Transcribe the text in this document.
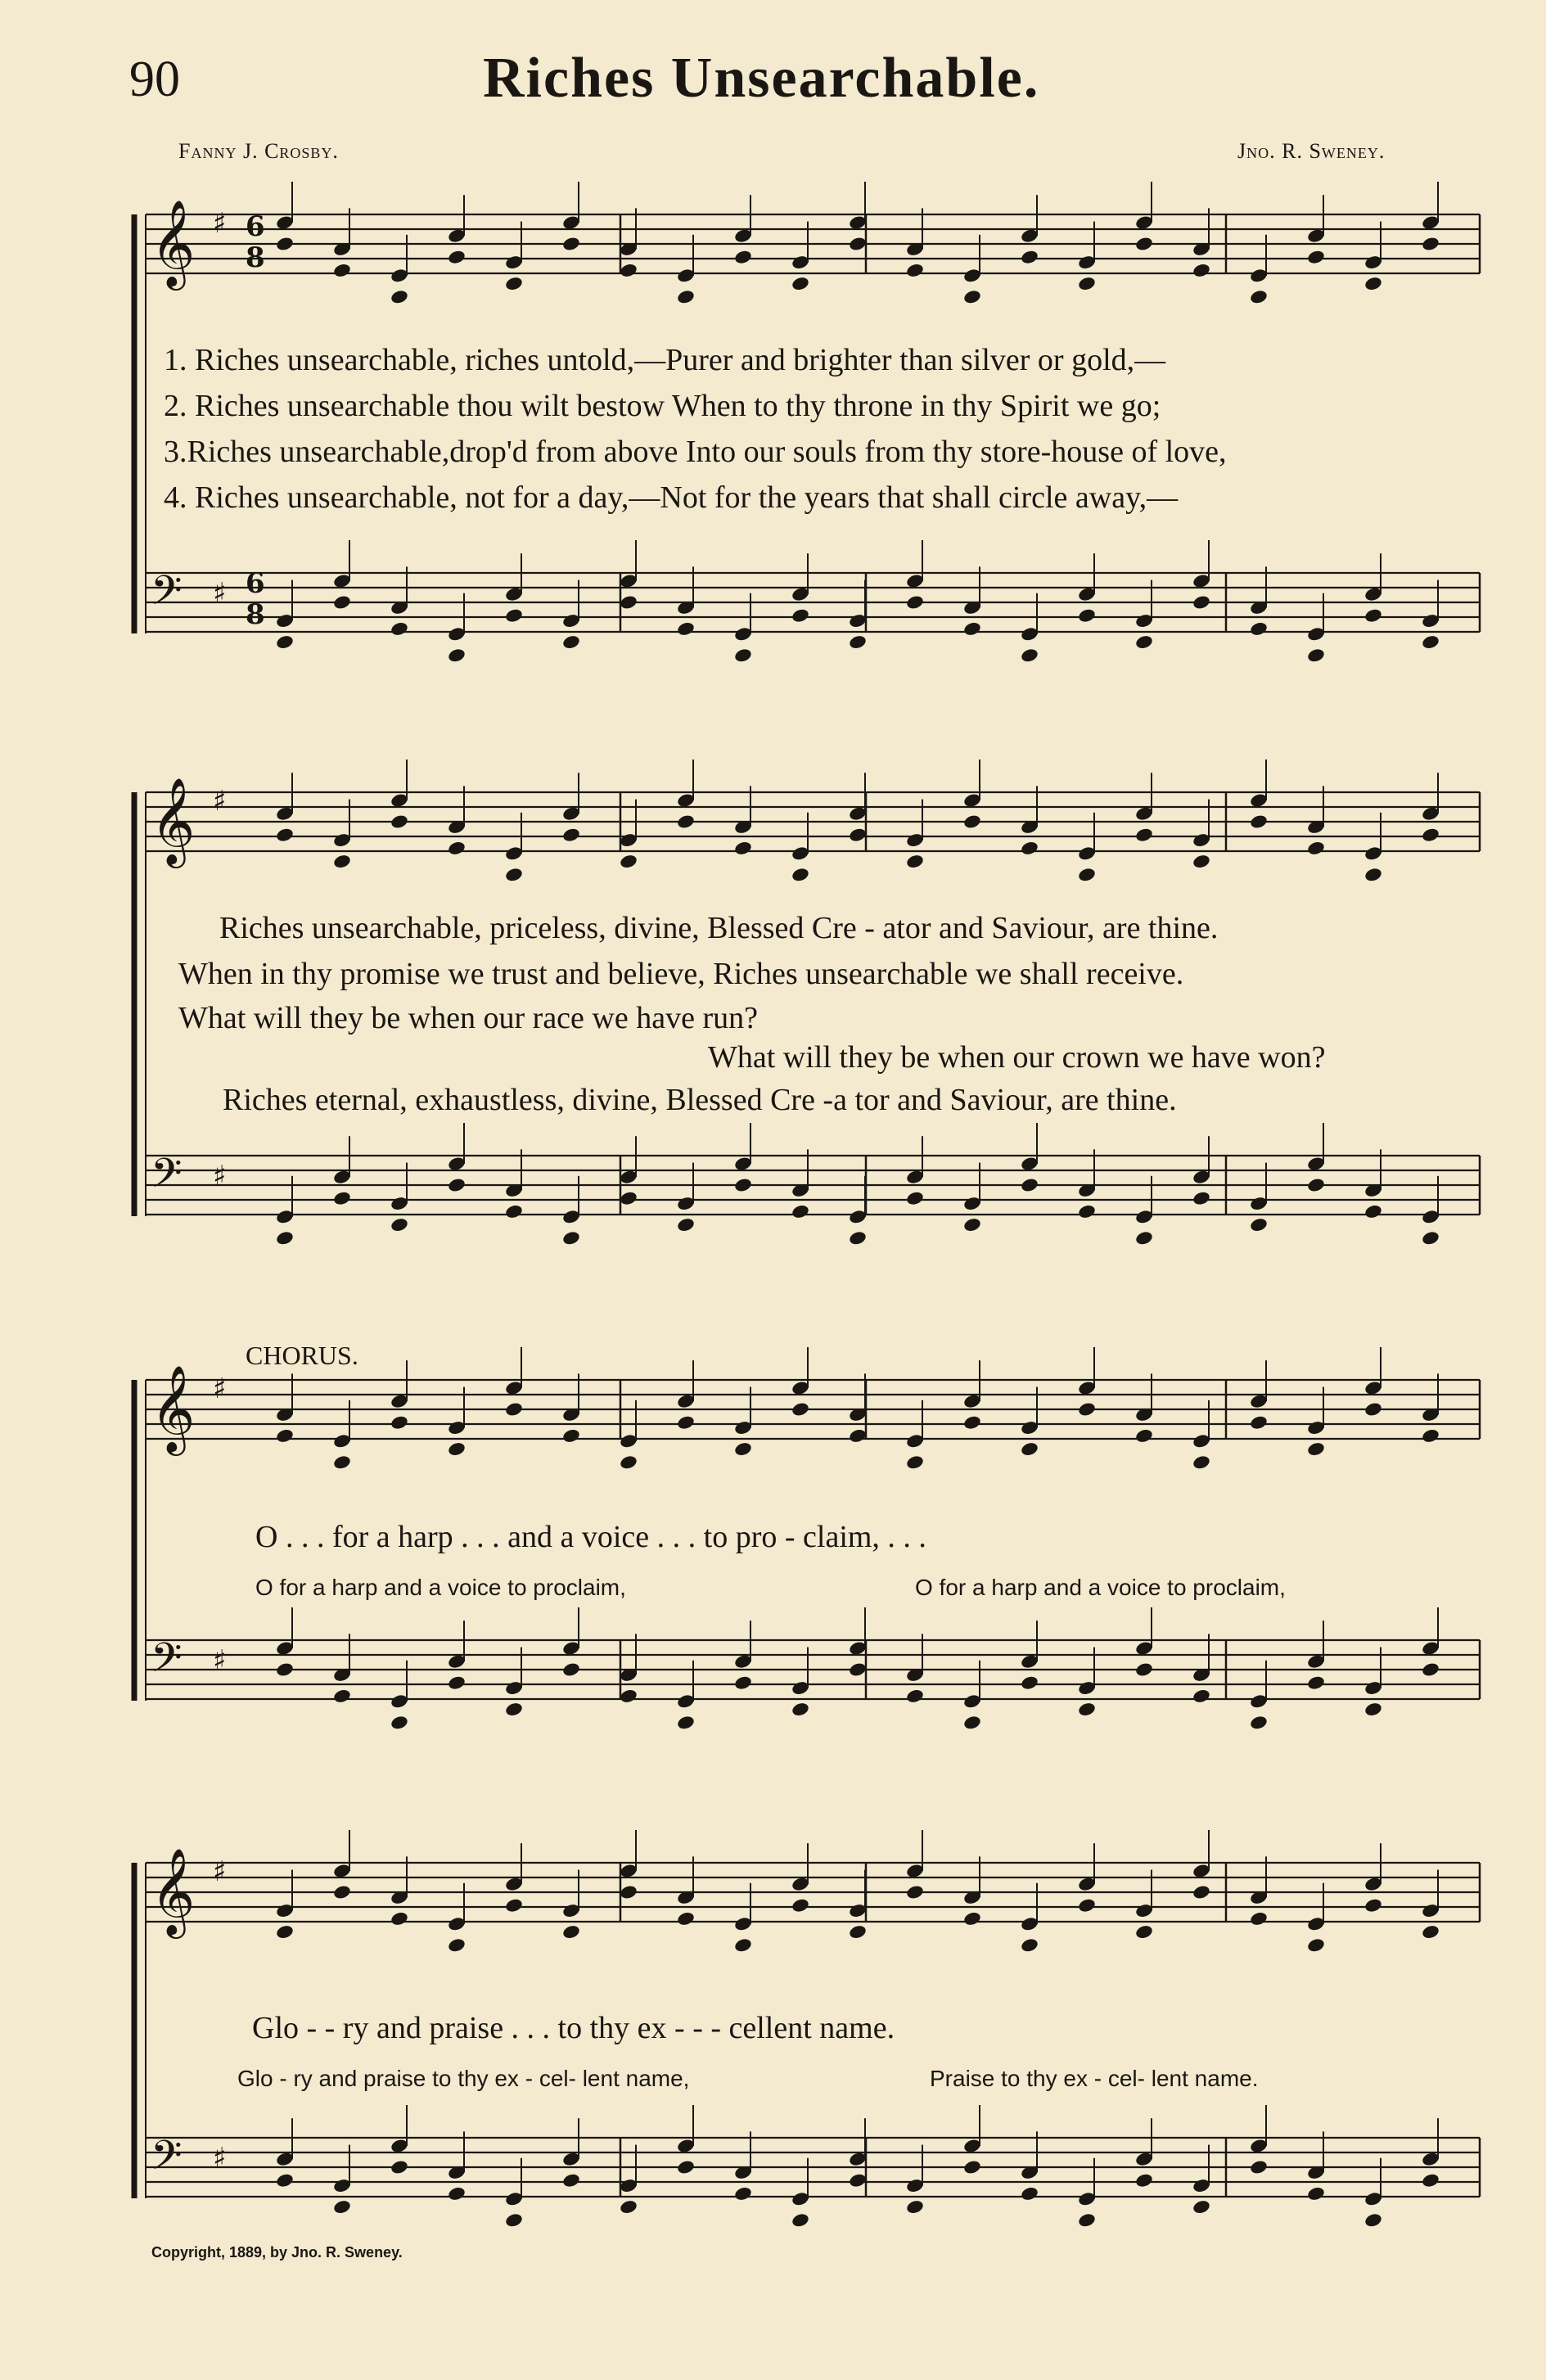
90	Riches Unsearchable.
Fanny J. Crosby.	Jno. R. Sweney.
𝄞 ♯
𝄢 ♯
𝄞 ♯
𝄢 ♯
𝄞 ♯
𝄢 ♯
𝄞 ♯
𝄢 ♯
6
8
6
8
1. Riches unsearchable, riches untold,—Purer and brighter than silver or gold,—
2. Riches unsearchable thou wilt bestow When to thy throne in thy Spirit we go;
3.Riches unsearchable,drop'd from above Into our souls from thy store-house of love,
4. Riches unsearchable, not for a day,—Not for the years that shall circle away,—
Riches unsearchable, priceless, divine, Blessed Cre - ator and Saviour, are thine.
When in thy promise we trust and believe, Riches unsearchable we shall receive.
What will they be when our race we have run?
What will they be when our crown we have won?
Riches eternal, exhaustless, divine, Blessed Cre -a tor and Saviour, are thine.
CHORUS.
O . . . for a harp . . . and a voice . . . to pro - claim, . . .
O for a harp and a voice to proclaim,	O for a harp and a voice to proclaim,
Glo - - ry and praise . . . to thy ex - - - cellent name.
Glo - ry and praise to thy ex - cel- lent name,	Praise to thy ex - cel- lent name.
Copyright, 1889, by Jno. R. Sweney.
